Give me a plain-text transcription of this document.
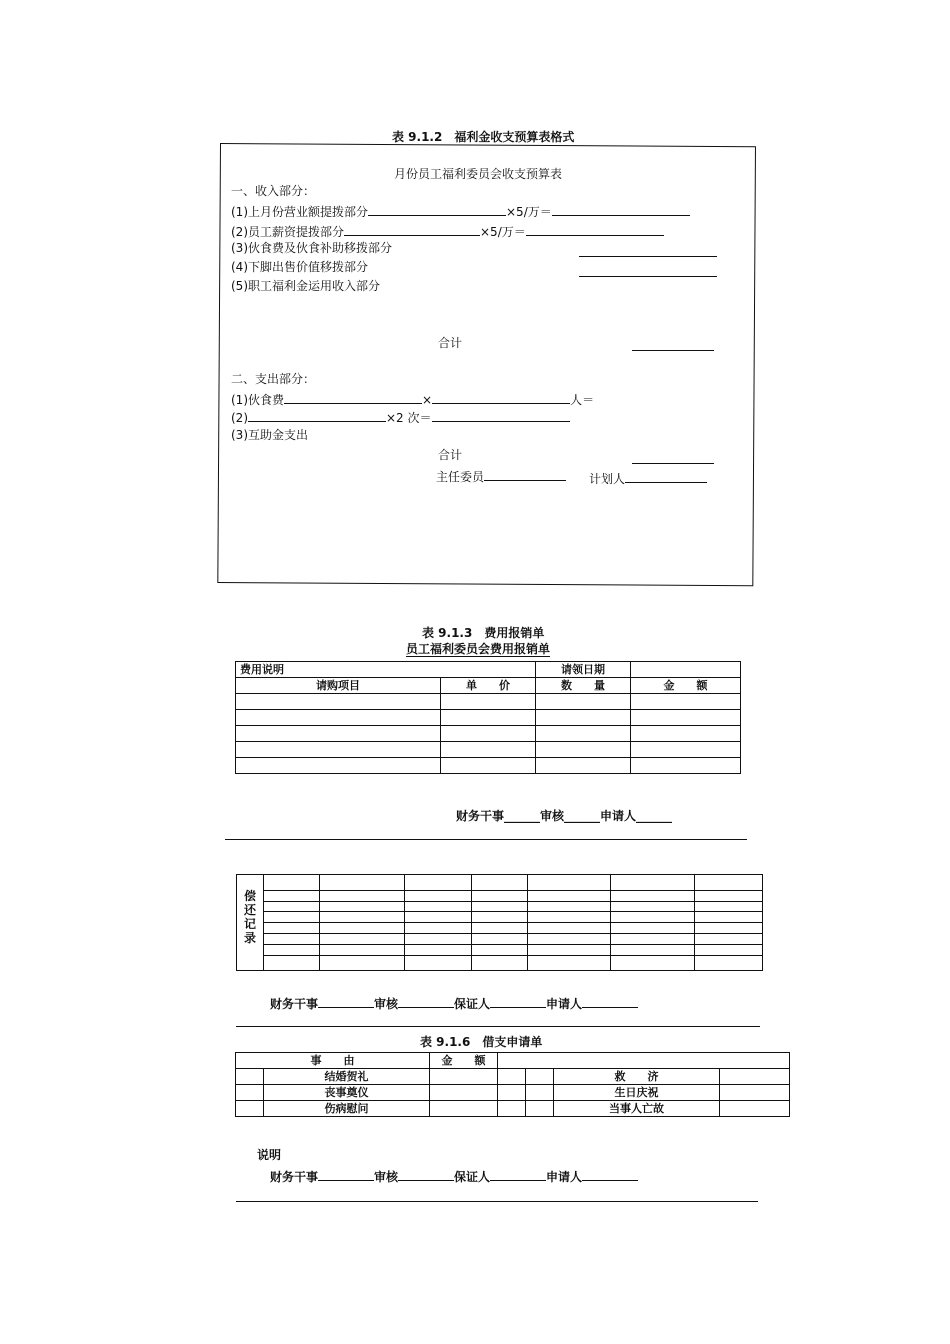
表 9.1.2　福利金收支预算表格式
月份员工福利委员会收支预算表
一、收入部分：
(1)上月份营业额提拨部分	×5/万＝
(2)员工薪资提拨部分	×5/万＝
(3)伙食费及伙食补助移拨部分
(4)下脚出售价值移拨部分
(5)职工福利金运用收入部分
合计
二、支出部分：
(1)伙食费	×	人＝
(2)	×2 次＝
(3)互助金支出
合计
主任委员	计划人
表 9.1.3　费用报销单
员工福利委员会费用报销单
费用说明		请领日期	
请购项目	单　　价	数　　量	金　　额

财务干事______审核______申请人______
偿
还
记
录
财务干事	审核	保证人	申请人
表 9.1.6　借支申请单
事　　由		金　　额				
	结婚贺礼				救　　济	
	丧事奠仪				生日庆祝	
	伤病慰问				当事人亡故	
说明
财务干事	审核	保证人	申请人
